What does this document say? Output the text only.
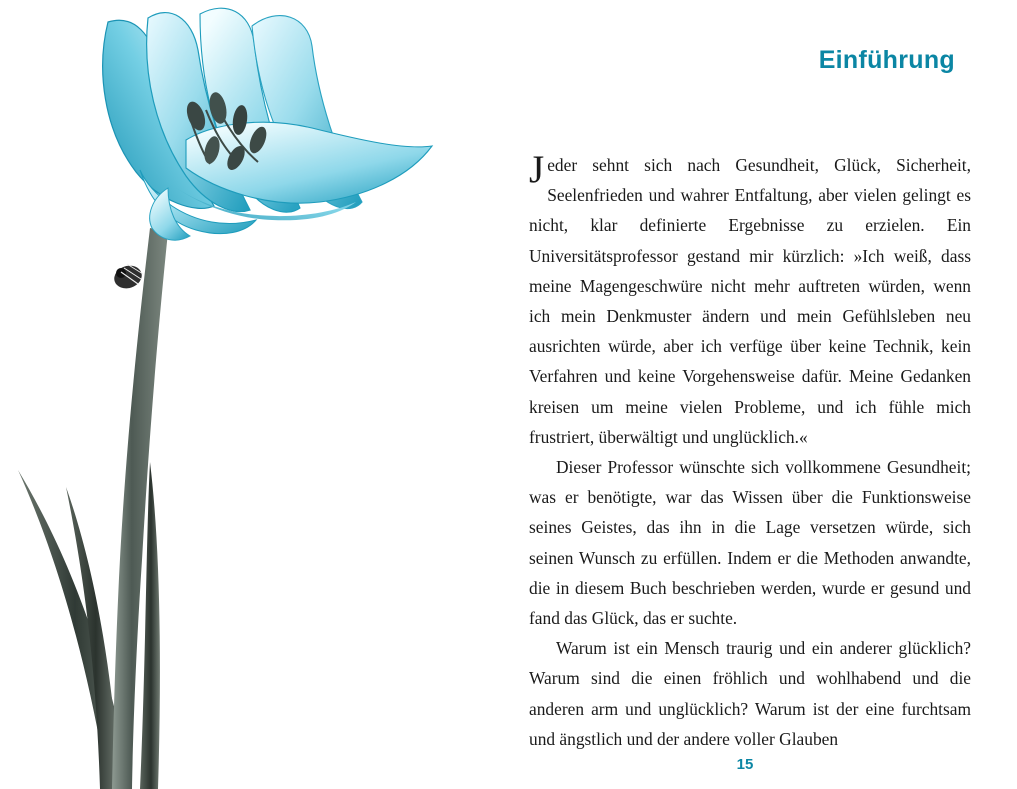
Einführung

Jeder sehnt sich nach Gesundheit, Glück, Sicherheit, Seelenfrieden und wahrer Entfaltung, aber vielen gelingt es nicht, klar definierte Ergebnisse zu erzielen. Ein Universitätsprofessor gestand mir kürzlich: »Ich weiß, dass meine Magengeschwüre nicht mehr auftreten würden, wenn ich mein Denkmuster ändern und mein Gefühlsleben neu ausrichten würde, aber ich verfüge über keine Technik, kein Verfahren und keine Vorgehensweise dafür. Meine Gedanken kreisen um meine vielen Probleme, und ich fühle mich frustriert, überwältigt und unglücklich.«

Dieser Professor wünschte sich vollkommene Gesundheit; was er benötigte, war das Wissen über die Funktionsweise seines Geistes, das ihn in die Lage versetzen würde, sich seinen Wunsch zu erfüllen. Indem er die Methoden anwandte, die in diesem Buch beschrieben werden, wurde er gesund und fand das Glück, das er suchte.

Warum ist ein Mensch traurig und ein anderer glücklich? Warum sind die einen fröhlich und wohlhabend und die anderen arm und unglücklich? Warum ist der eine furchtsam und ängstlich und der andere voller Glauben

15
